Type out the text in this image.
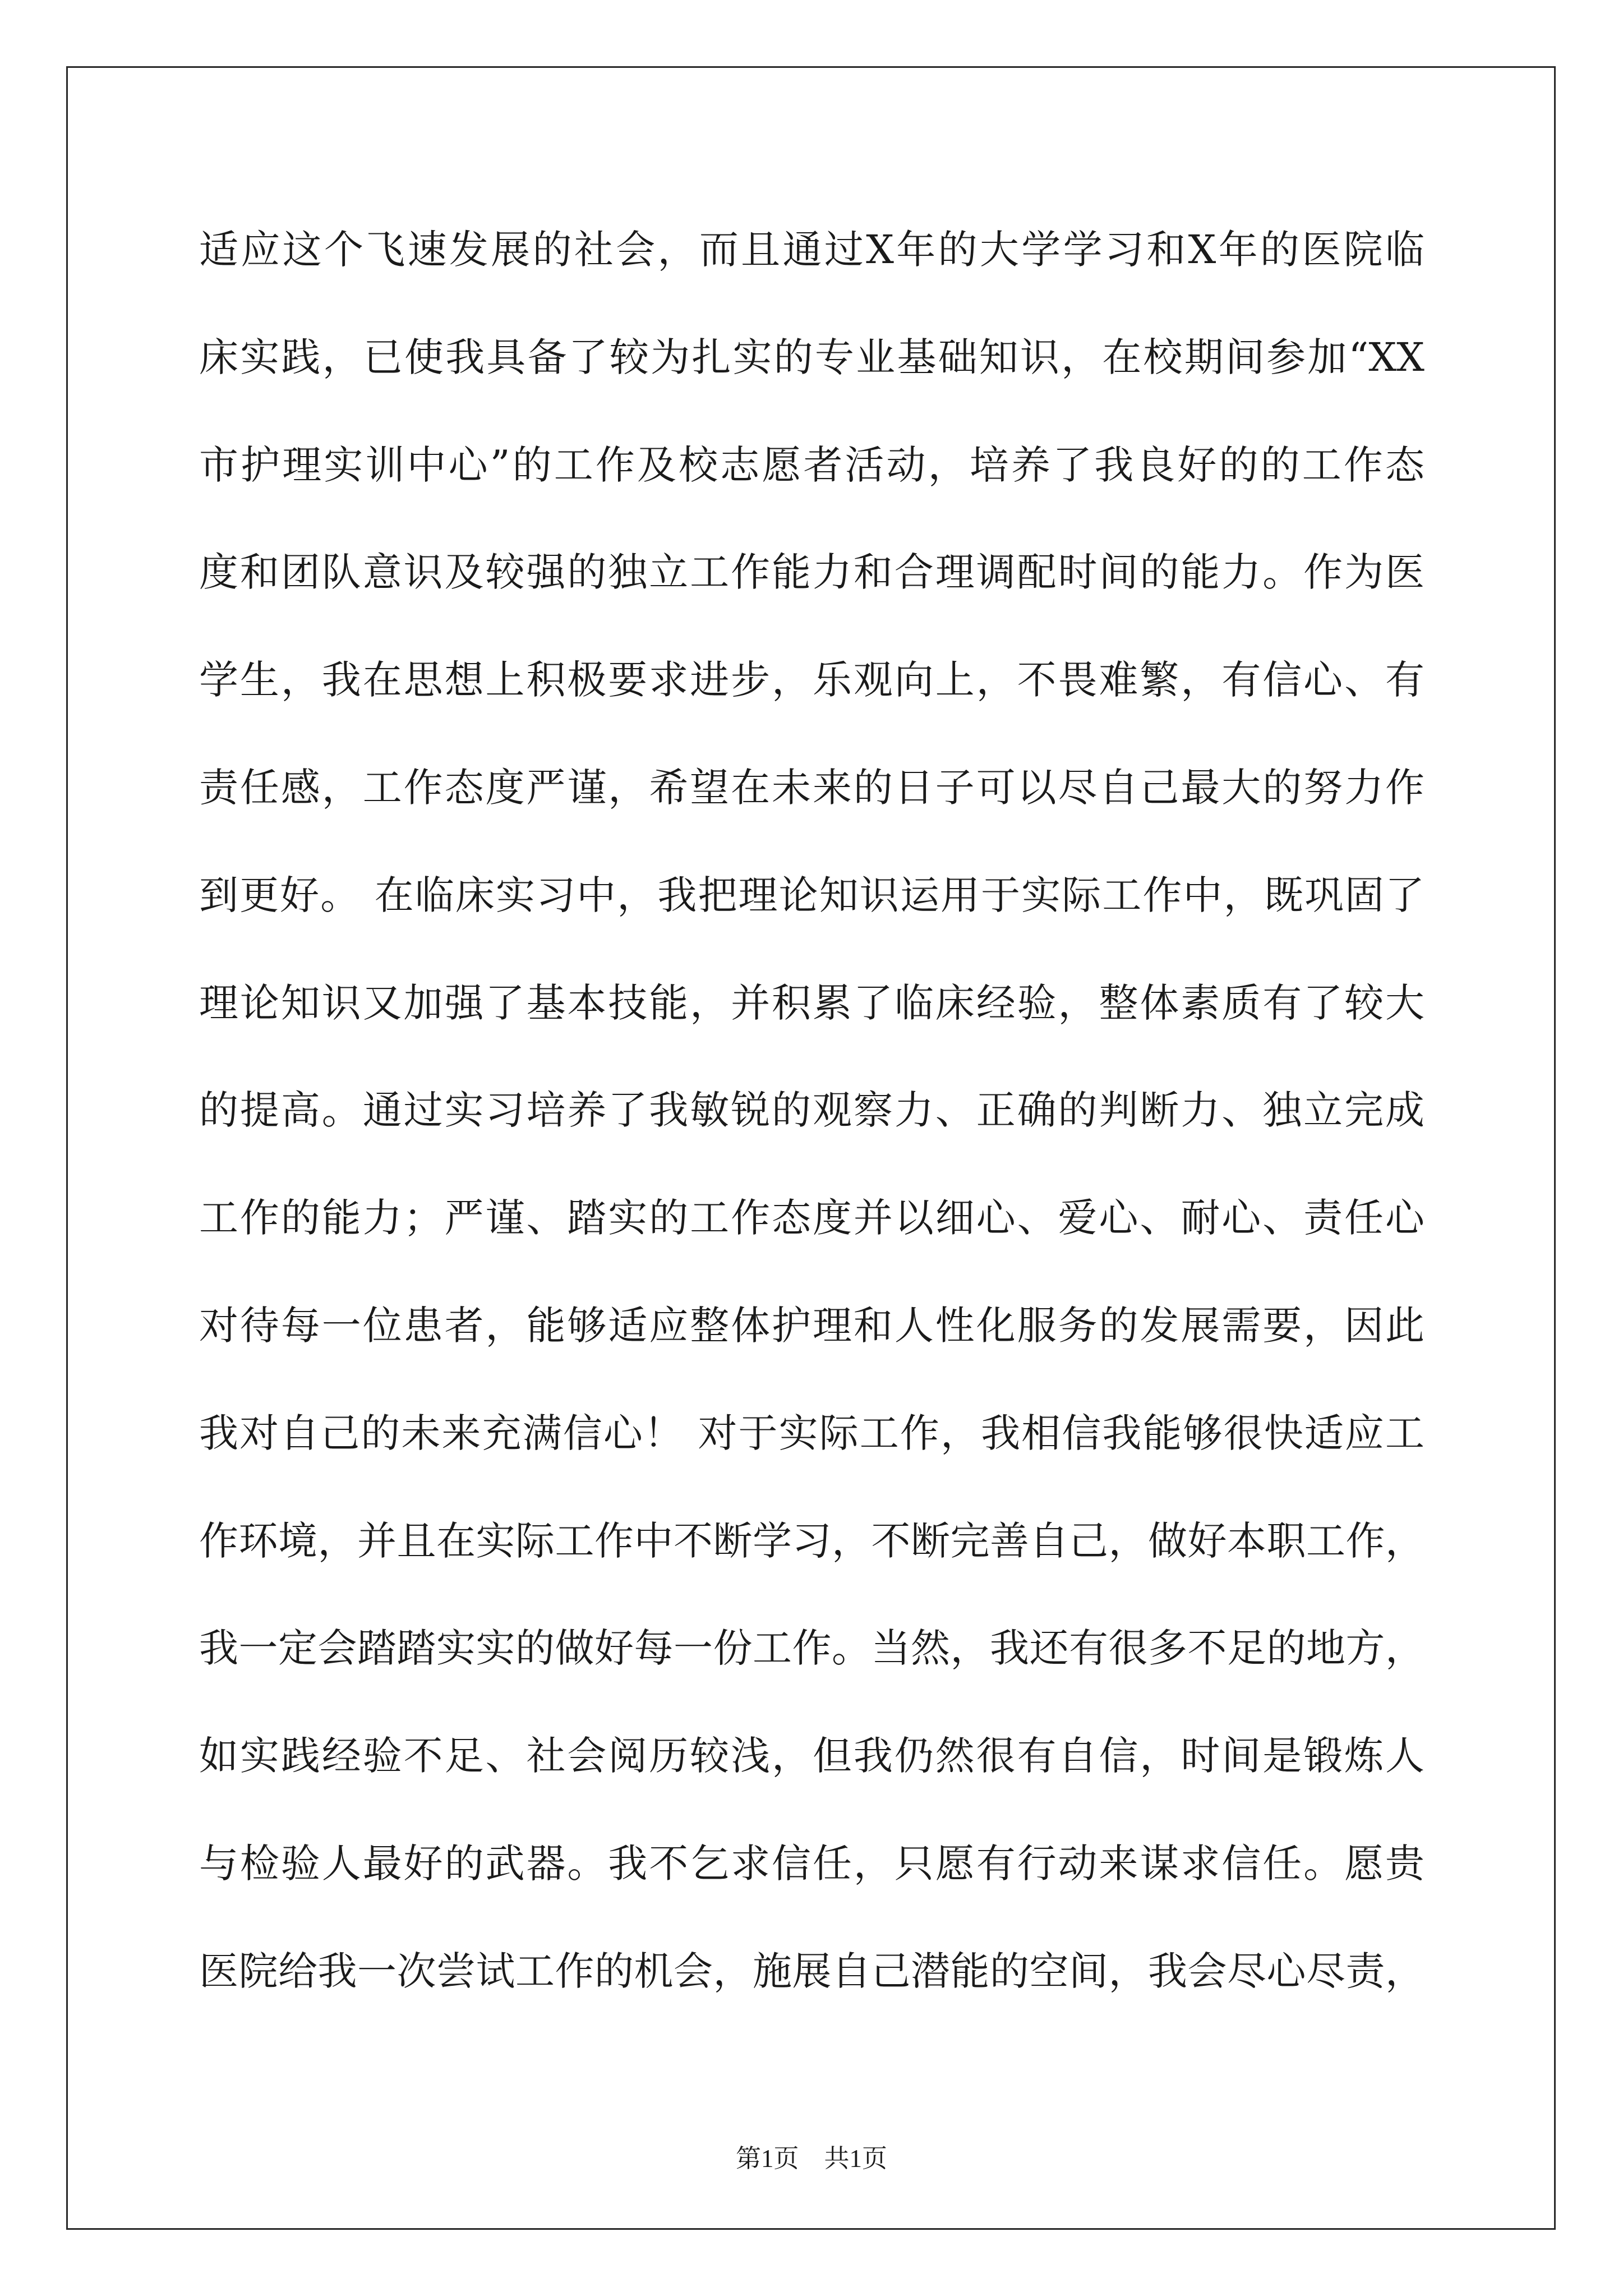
适应这个飞速发展的社会，而且通过X年的大学学习和X年的医院临
床实践，已使我具备了较为扎实的专业基础知识，在校期间参加“XX
市护理实训中心”的工作及校志愿者活动，培养了我良好的的工作态
度和团队意识及较强的独立工作能力和合理调配时间的能力。作为医
学生，我在思想上积极要求进步，乐观向上，不畏难繁，有信心、有
责任感，工作态度严谨，希望在未来的日子可以尽自己最大的努力作
到更好。 在临床实习中，我把理论知识运用于实际工作中，既巩固了
理论知识又加强了基本技能，并积累了临床经验，整体素质有了较大
的提高。通过实习培养了我敏锐的观察力、正确的判断力、独立完成
工作的能力；严谨、踏实的工作态度并以细心、爱心、耐心、责任心
对待每一位患者，能够适应整体护理和人性化服务的发展需要，因此
我对自己的未来充满信心！ 对于实际工作，我相信我能够很快适应工
作环境，并且在实际工作中不断学习，不断完善自己，做好本职工作，
我一定会踏踏实实的做好每一份工作。当然，我还有很多不足的地方，
如实践经验不足、社会阅历较浅，但我仍然很有自信，时间是锻炼人
与检验人最好的武器。我不乞求信任，只愿有行动来谋求信任。愿贵
医院给我一次尝试工作的机会，施展自己潜能的空间，我会尽心尽责，
第1页　共1页
